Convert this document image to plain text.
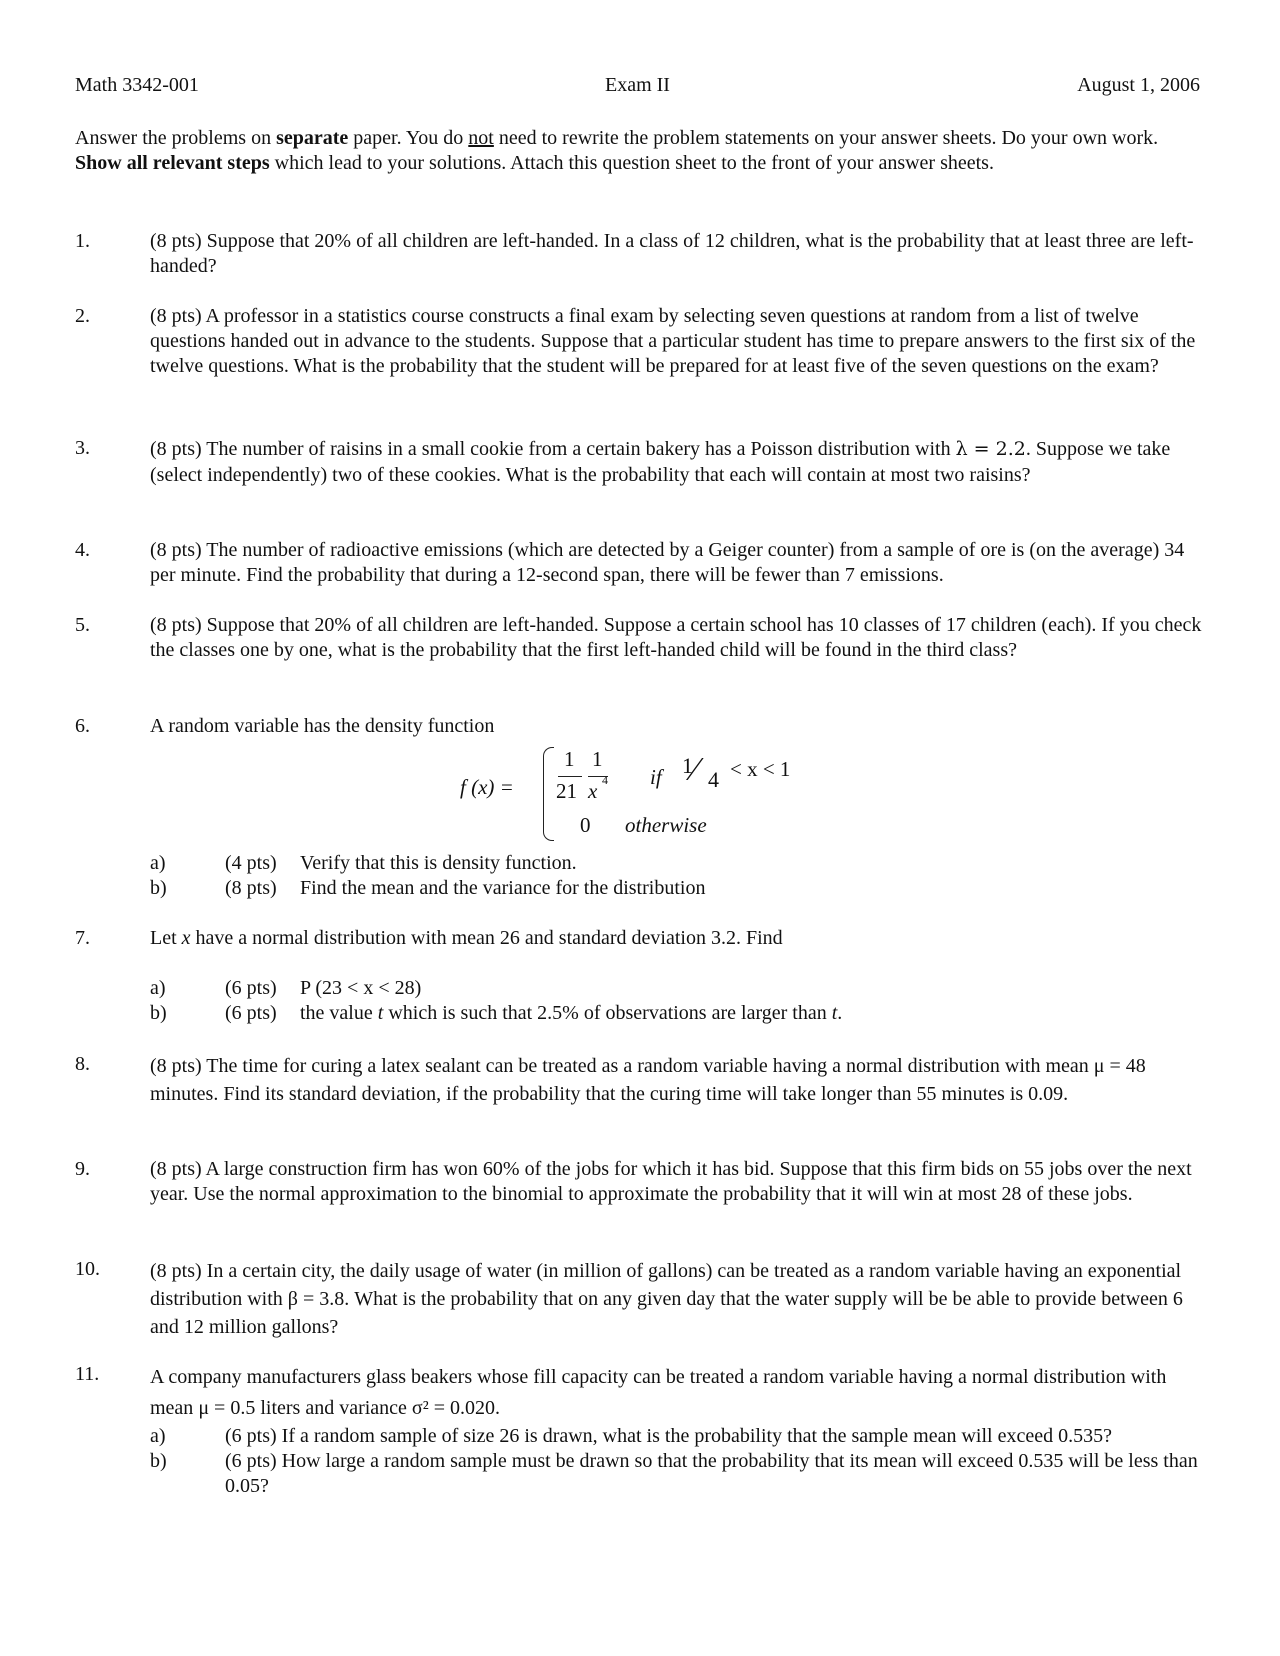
Math 3342-001	Exam II	August 1, 2006
Answer the problems on separate paper. You do not need to rewrite the problem statements on your answer sheets. Do your own work. Show all relevant steps which lead to your solutions. Attach this question sheet to the front of your answer sheets.
1.	(8 pts) Suppose that 20% of all children are left-handed. In a class of 12 children, what is the probability that at least three are left-handed?
2.	(8 pts) A professor in a statistics course constructs a final exam by selecting seven questions at random from a list of twelve questions handed out in advance to the students. Suppose that a particular student has time to prepare answers to the first six of the twelve questions. What is the probability that the student will be prepared for at least five of the seven questions on the exam?
3.	(8 pts) The number of raisins in a small cookie from a certain bakery has a Poisson distribution with λ = 2.2. Suppose we take (select independently) two of these cookies. What is the probability that each will contain at most two raisins?
4.	(8 pts) The number of radioactive emissions (which are detected by a Geiger counter) from a sample of ore is (on the average) 34 per minute. Find the probability that during a 12-second span, there will be fewer than 7 emissions.
5.	(8 pts) Suppose that 20% of all children are left-handed. Suppose a certain school has 10 classes of 17 children (each). If you check the classes one by one, what is the probability that the first left-handed child will be found in the third class?
6.	A random variable has the density function
f (x) =
1 1
21 x 4 if 1 ⁄ 4 < x < 1
0 otherwise
a)	(4 pts)	Verify that this is density function.
b)	(8 pts)	Find the mean and the variance for the distribution
7.	Let x have a normal distribution with mean 26 and standard deviation 3.2. Find
a)	(6 pts)	P (23 < x < 28)
b)	(6 pts)	the value t which is such that 2.5% of observations are larger than t.
8.	(8 pts) The time for curing a latex sealant can be treated as a random variable having a normal distribution with mean μ = 48 minutes. Find its standard deviation, if the probability that the curing time will take longer than 55 minutes is 0.09.
9.	(8 pts) A large construction firm has won 60% of the jobs for which it has bid. Suppose that this firm bids on 55 jobs over the next year. Use the normal approximation to the binomial to approximate the probability that it will win at most 28 of these jobs.
10.	(8 pts) In a certain city, the daily usage of water (in million of gallons) can be treated as a random variable having an exponential distribution with β = 3.8. What is the probability that on any given day that the water supply will be be able to provide between 6 and 12 million gallons?
11.	A company manufacturers glass beakers whose fill capacity can be treated a random variable having a normal distribution with mean μ = 0.5 liters and variance σ² = 0.020.
a)	(6 pts) If a random sample of size 26 is drawn, what is the probability that the sample mean will exceed 0.535?
b)	(6 pts) How large a random sample must be drawn so that the probability that its mean will exceed 0.535 will be less than 0.05?
